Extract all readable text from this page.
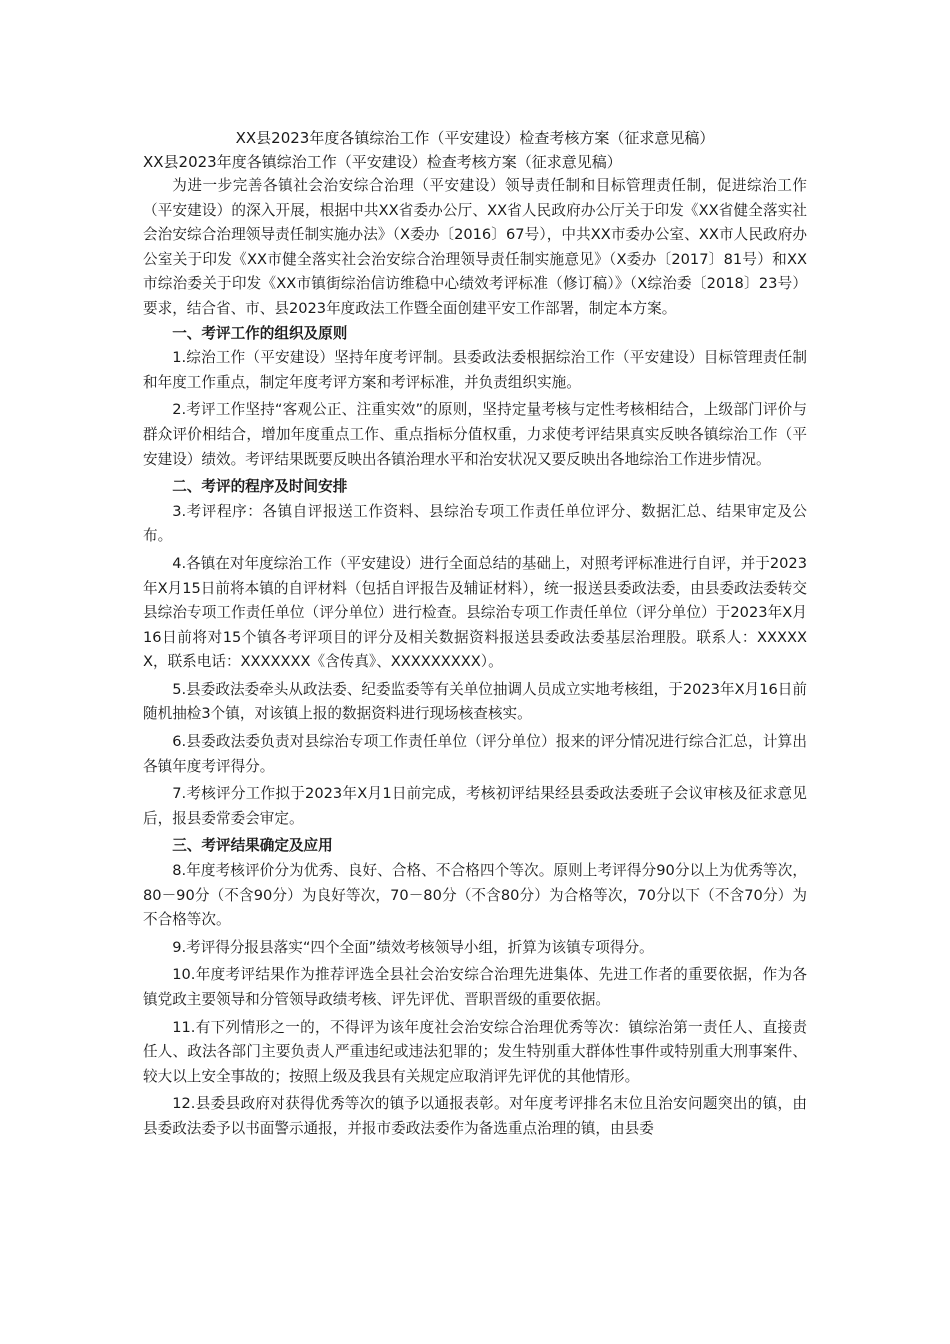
XX县2023年度各镇综治工作（平安建设）检查考核方案（征求意见稿）
XX县2023年度各镇综治工作（平安建设）检查考核方案（征求意见稿）

为进一步完善各镇社会治安综合治理（平安建设）领导责任制和目标管理责任制，促进综治工作（平安建设）的深入开展，根据中共XX省委办公厅、XX省人民政府办公厅关于印发《XX省健全落实社会治安综合治理领导责任制实施办法》（X委办〔2016〕67号），中共XX市委办公室、XX市人民政府办公室关于印发《XX市健全落实社会治安综合治理领导责任制实施意见》（X委办〔2017〕81号）和XX市综治委关于印发《XX市镇街综治信访维稳中心绩效考评标准（修订稿）》（X综治委〔2018〕23号）要求，结合省、市、县2023年度政法工作暨全面创建平安工作部署，制定本方案。

一、考评工作的组织及原则

1.综治工作（平安建设）坚持年度考评制。县委政法委根据综治工作（平安建设）目标管理责任制和年度工作重点，制定年度考评方案和考评标准，并负责组织实施。

2.考评工作坚持“客观公正、注重实效”的原则，坚持定量考核与定性考核相结合，上级部门评价与群众评价相结合，增加年度重点工作、重点指标分值权重，力求使考评结果真实反映各镇综治工作（平安建设）绩效。考评结果既要反映出各镇治理水平和治安状况又要反映出各地综治工作进步情况。

二、考评的程序及时间安排

3.考评程序：各镇自评报送工作资料、县综治专项工作责任单位评分、数据汇总、结果审定及公布。

4.各镇在对年度综治工作（平安建设）进行全面总结的基础上，对照考评标准进行自评，并于2023年X月15日前将本镇的自评材料（包括自评报告及辅证材料），统一报送县委政法委，由县委政法委转交县综治专项工作责任单位（评分单位）进行检查。县综治专项工作责任单位（评分单位）于2023年X月16日前将对15个镇各考评项目的评分及相关数据资料报送县委政法委基层治理股。联系人：XXXXXX，联系电话：XXXXXXX《含传真》、XXXXXXXXX）。

5.县委政法委牵头从政法委、纪委监委等有关单位抽调人员成立实地考核组，于2023年X月16日前随机抽检3个镇，对该镇上报的数据资料进行现场核查核实。

6.县委政法委负责对县综治专项工作责任单位（评分单位）报来的评分情况进行综合汇总，计算出各镇年度考评得分。

7.考核评分工作拟于2023年X月1日前完成，考核初评结果经县委政法委班子会议审核及征求意见后，报县委常委会审定。

三、考评结果确定及应用

8.年度考核评价分为优秀、良好、合格、不合格四个等次。原则上考评得分90分以上为优秀等次，80－90分（不含90分）为良好等次，70－80分（不含80分）为合格等次，70分以下（不含70分）为不合格等次。

9.考评得分报县落实“四个全面”绩效考核领导小组，折算为该镇专项得分。

10.年度考评结果作为推荐评选全县社会治安综合治理先进集体、先进工作者的重要依据，作为各镇党政主要领导和分管领导政绩考核、评先评优、晋职晋级的重要依据。

11.有下列情形之一的，不得评为该年度社会治安综合治理优秀等次：镇综治第一责任人、直接责任人、政法各部门主要负责人严重违纪或违法犯罪的；发生特别重大群体性事件或特别重大刑事案件、较大以上安全事故的；按照上级及我县有关规定应取消评先评优的其他情形。

12.县委县政府对获得优秀等次的镇予以通报表彰。对年度考评排名末位且治安问题突出的镇，由县委政法委予以书面警示通报，并报市委政法委作为备选重点治理的镇，由县委
